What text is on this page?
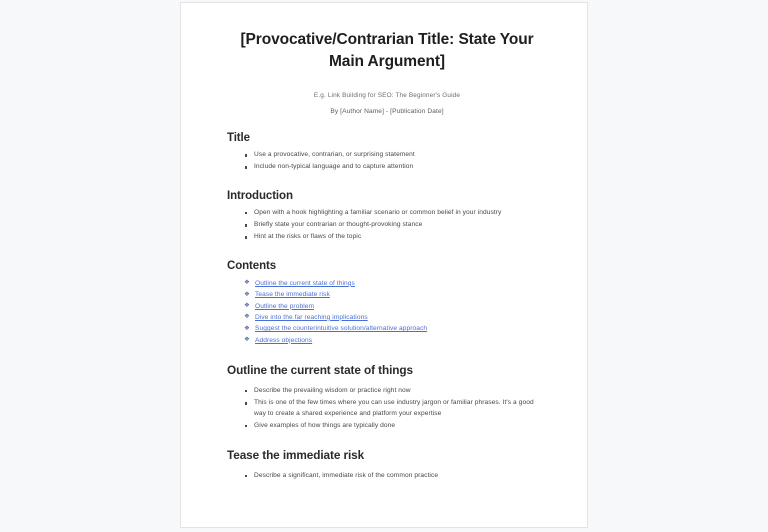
[Provocative/Contrarian Title: State Your Main Argument]
E.g. Link Building for SEO: The Beginner's Guide
By [Author Name] - [Publication Date]
Title
Use a provocative, contrarian, or surprising statement
Include non-typical language and to capture attention
Introduction
Open with a hook highlighting a familiar scenario or common belief in your industry
Briefly state your contrarian or thought-provoking stance
Hint at the risks or flaws of the topic
Contents
❖ Outline the current state of things
❖ Tease the immediate risk
❖ Outline the problem
❖ Dive into the far reaching implications
❖ Suggest the counterintuitive solution/alternative approach
❖ Address objections
Outline the current state of things
Describe the prevailing wisdom or practice right now
This is one of the few times where you can use industry jargon or familiar phrases. It's a good way to create a shared experience and platform your expertise
Give examples of how things are typically done
Tease the immediate risk
Describe a significant, immediate risk of the common practice
